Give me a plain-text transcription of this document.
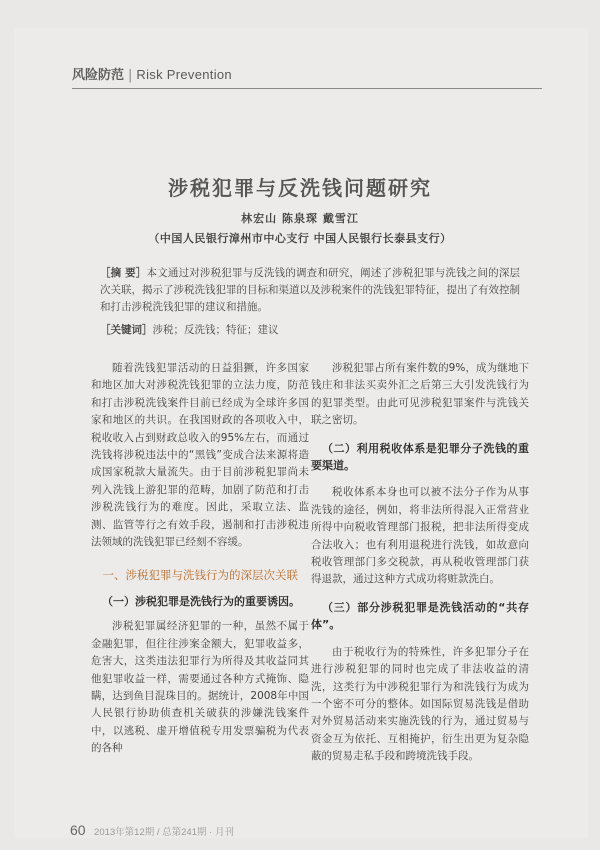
风险防范 | Risk Prevention
涉税犯罪与反洗钱问题研究
林宏山 陈泉琛 戴雪江
（中国人民银行漳州市中心支行 中国人民银行长泰县支行）
［摘 要］本文通过对涉税犯罪与反洗钱的调查和研究，阐述了涉税犯罪与洗钱之间的深层次关联，揭示了涉税洗钱犯罪的目标和渠道以及涉税案件的洗钱犯罪特征，提出了有效控制和打击涉税洗钱犯罪的建议和措施。
［关键词］涉税；反洗钱；特征；建议

随着洗钱犯罪活动的日益猖獗，许多国家和地区加大对涉税洗钱犯罪的立法力度，防范和打击涉税洗钱案件目前已经成为全球许多国家和地区的共识。在我国财政的各项收入中，税收收入占到财政总收入的95%左右，而通过洗钱将涉税违法中的“黑钱”变成合法来源将造成国家税款大量流失。由于目前涉税犯罪尚未列入洗钱上游犯罪的范畴，加剧了防范和打击涉税洗钱行为的难度。因此，采取立法、监测、监管等行之有效手段，遏制和打击涉税违法领域的洗钱犯罪已经刻不容缓。

一、涉税犯罪与洗钱行为的深层次关联
（一）涉税犯罪是洗钱行为的重要诱因。

涉税犯罪属经济犯罪的一种，虽然不属于金融犯罪，但往往涉案金额大，犯罪收益多，危害大，这类违法犯罪行为所得及其收益同其他犯罪收益一样，需要通过各种方式掩饰、隐瞒，达到鱼目混珠目的。据统计，2008年中国人民银行协助侦查机关破获的涉嫌洗钱案件中，以逃税、虚开增值税专用发票骗税为代表的各种

涉税犯罪占所有案件数的9%，成为继地下钱庄和非法买卖外汇之后第三大引发洗钱行为的犯罪类型。由此可见涉税犯罪案件与洗钱关联之密切。

（二）利用税收体系是犯罪分子洗钱的重要渠道。

税收体系本身也可以被不法分子作为从事洗钱的途径，例如，将非法所得混入正常营业所得中向税收管理部门报税，把非法所得变成合法收入；也有利用退税进行洗钱，如故意向税收管理部门多交税款，再从税收管理部门获得退款，通过这种方式成功将赃款洗白。

（三）部分涉税犯罪是洗钱活动的“共存体”。

由于税收行为的特殊性，许多犯罪分子在进行涉税犯罪的同时也完成了非法收益的清洗，这类行为中涉税犯罪行为和洗钱行为成为一个密不可分的整体。如国际贸易洗钱是借助对外贸易活动来实施洗钱的行为，通过贸易与资金互为依托、互相掩护，衍生出更为复杂隐蔽的贸易走私手段和跨境洗钱手段。

60 2013年第12期 / 总第241期 · 月刊
